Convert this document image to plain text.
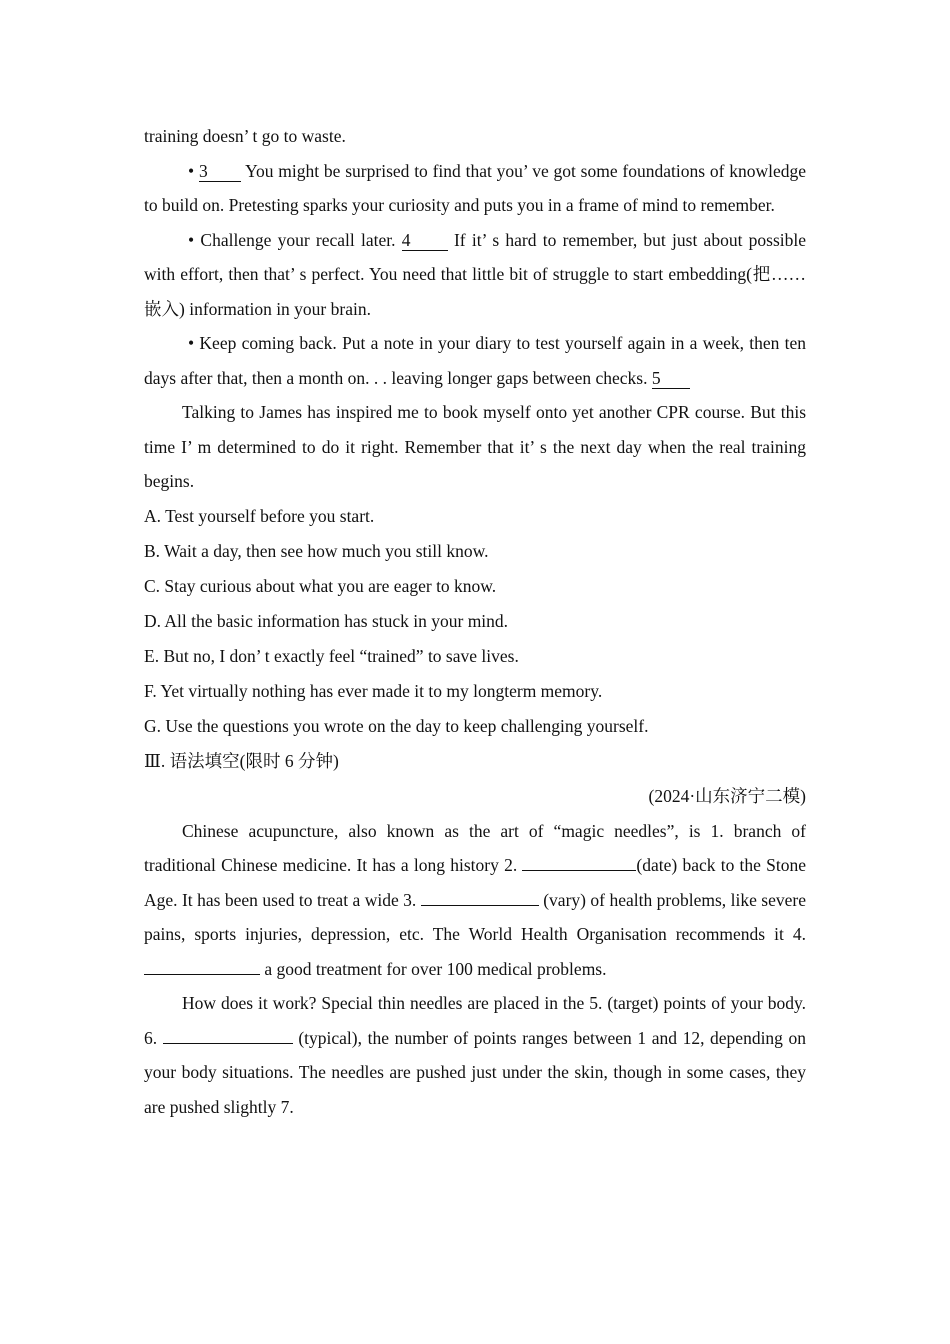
training doesn’ t go to waste.

• 3 You might be surprised to find that you’ ve got some foundations of knowledge to build on. Pretesting sparks your curiosity and puts you in a frame of mind to remember.

• Challenge your recall later. 4 If it’ s hard to remember, but just about possible with effort, then that’ s perfect. You need that little bit of struggle to start embedding(把……嵌入) information in your brain.

• Keep coming back. Put a note in your diary to test yourself again in a week, then ten days after that, then a month on. . . leaving longer gaps between checks. 5

Talking to James has inspired me to book myself onto yet another CPR course. But this time I’ m determined to do it right. Remember that it’ s the next day when the real training begins.

A. Test yourself before you start.

B. Wait a day, then see how much you still know.

C. Stay curious about what you are eager to know.

D. All the basic information has stuck in your mind.

E. But no, I don’ t exactly feel “trained” to save lives.

F. Yet virtually nothing has ever made it to my longterm memory.

G. Use the questions you wrote on the day to keep challenging yourself.

Ⅲ. 语法填空(限时 6 分钟)

(2024·山东济宁二模)

Chinese acupuncture, also known as the art of “magic needles”, is 1. branch of traditional Chinese medicine. It has a long history 2.	(date) back to the Stone Age. It has been used to treat a wide 3.	(vary) of health problems, like severe pains, sports injuries, depression, etc. The World Health Organisation recommends it 4.  a good treatment for over 100 medical problems.

How does it work? Special thin needles are placed in the 5. (target) points of your body. 6.	(typical), the number of points ranges between 1 and 12, depending on your body situations. The needles are pushed just under the skin, though in some cases, they are pushed slightly 7.
